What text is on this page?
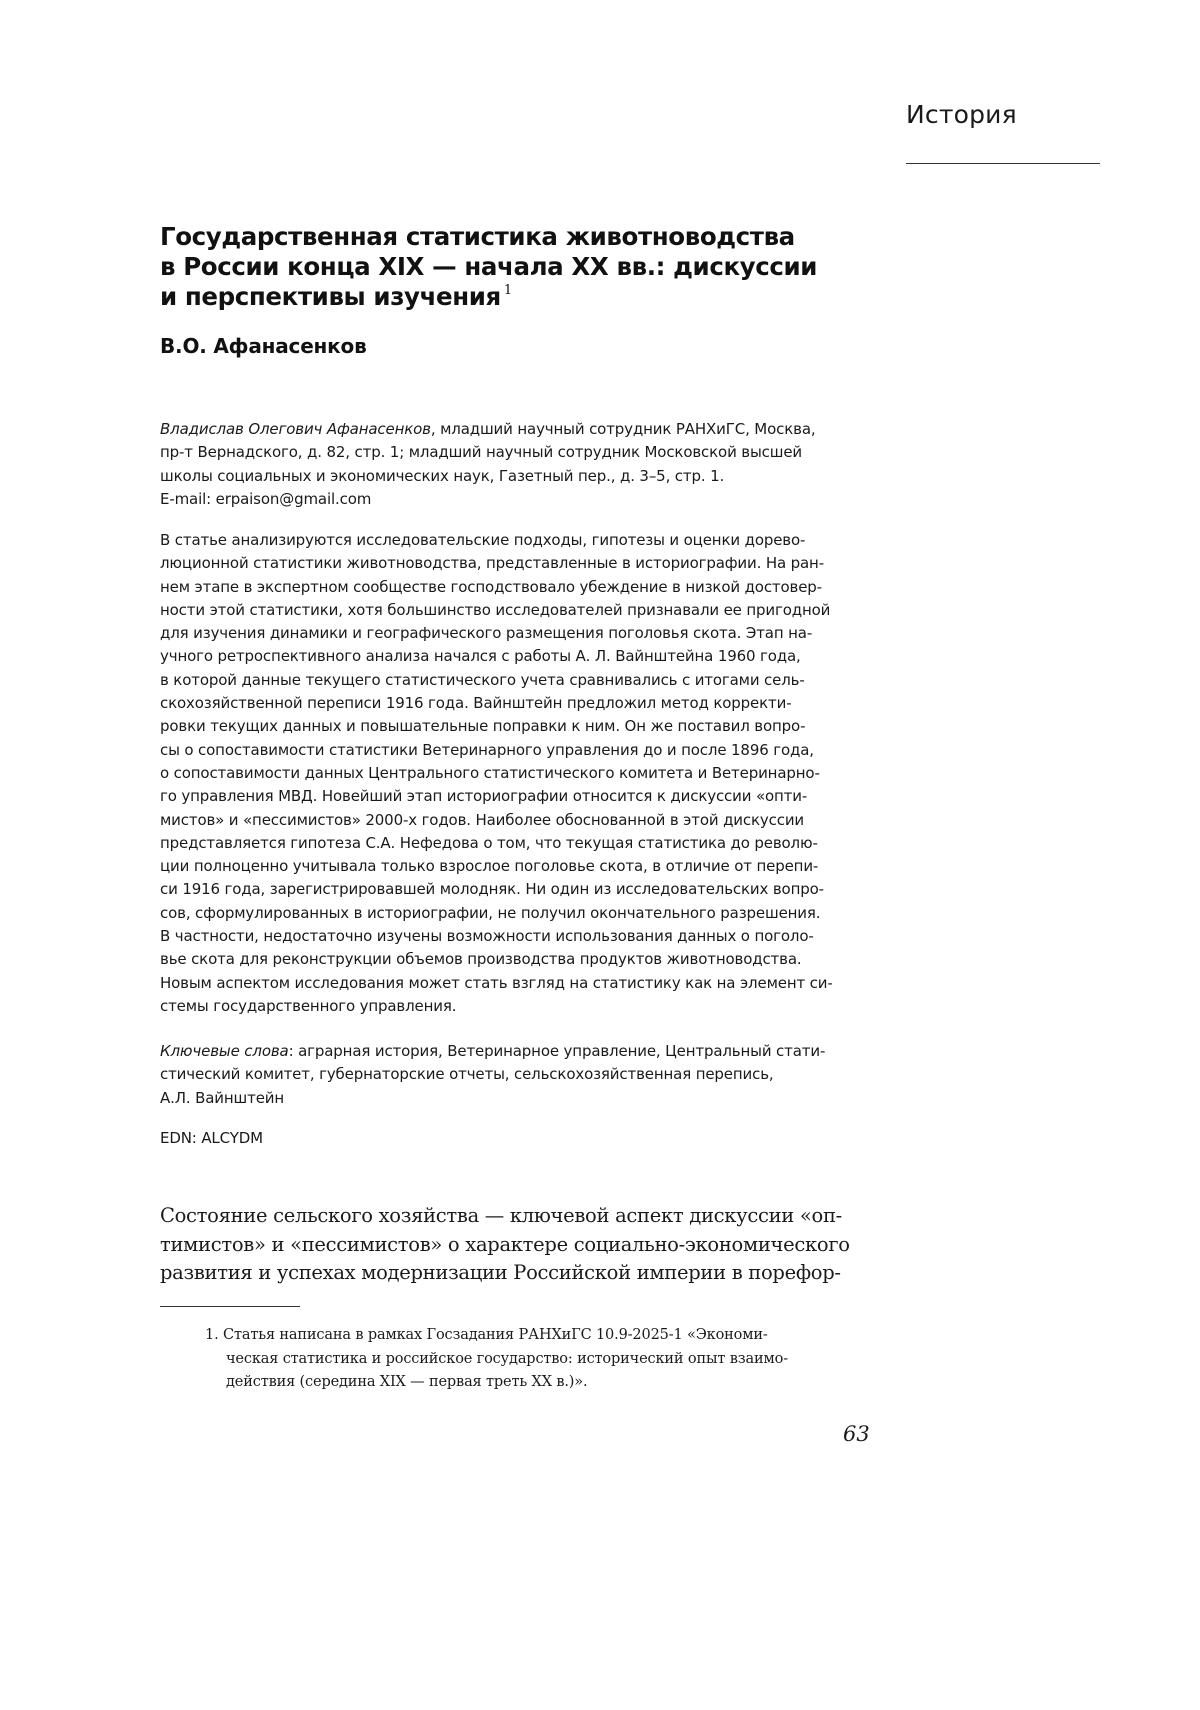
История
Государственная статистика животноводства
в России конца XIX — начала XX вв.: дискуссии
и перспективы изучения $^1$
В.О. Афанасенков
Владислав Олегович Афанасенков, младший научный сотрудник РАНХиГС, Москва,
пр-т Вернадского, д. 82, стр. 1; младший научный сотрудник Московской высшей
школы социальных и экономических наук, Газетный пер., д. 3–5, стр. 1.
E-mail: erpaison@gmail.com
В статье анализируются исследовательские подходы, гипотезы и оценки дорево-
люционной статистики животноводства, представленные в историографии. На ран-
нем этапе в экспертном сообществе господствовало убеждение в низкой достовер-
ности этой статистики, хотя большинство исследователей признавали ее пригодной
для изучения динамики и географического размещения поголовья скота. Этап на-
учного ретроспективного анализа начался с работы А. Л. Вайнштейна 1960 года,
в которой данные текущего статистического учета сравнивались с итогами сель-
скохозяйственной переписи 1916 года. Вайнштейн предложил метод корректи-
ровки текущих данных и повышательные поправки к ним. Он же поставил вопро-
сы о сопоставимости статистики Ветеринарного управления до и после 1896 года,
о сопоставимости данных Центрального статистического комитета и Ветеринарно-
го управления МВД. Новейший этап историографии относится к дискуссии «опти-
мистов» и «пессимистов» 2000-х годов. Наиболее обоснованной в этой дискуссии
представляется гипотеза С.А. Нефедова о том, что текущая статистика до револю-
ции полноценно учитывала только взрослое поголовье скота, в отличие от перепи-
си 1916 года, зарегистрировавшей молодняк. Ни один из исследовательских вопро-
сов, сформулированных в историографии, не получил окончательного разрешения.
В частности, недостаточно изучены возможности использования данных о поголо-
вье скота для реконструкции объемов производства продуктов животноводства.
Новым аспектом исследования может стать взгляд на статистику как на элемент си-
стемы государственного управления.
Ключевые слова: аграрная история, Ветеринарное управление, Центральный стати-
стический комитет, губернаторские отчеты, сельскохозяйственная перепись,
А.Л. Вайнштейн
EDN: ALCYDM
Состояние сельского хозяйства — ключевой аспект дискуссии «оп-
тимистов» и «пессимистов» о характере социально-экономического
развития и успехах модернизации Российской империи в порефор-
1. Статья написана в рамках Госзадания РАНХиГС 10.9-2025-1 «Экономи-
ческая статистика и российское государство: исторический опыт взаимо-
действия (середина XIX — первая треть XX в.)».
63
